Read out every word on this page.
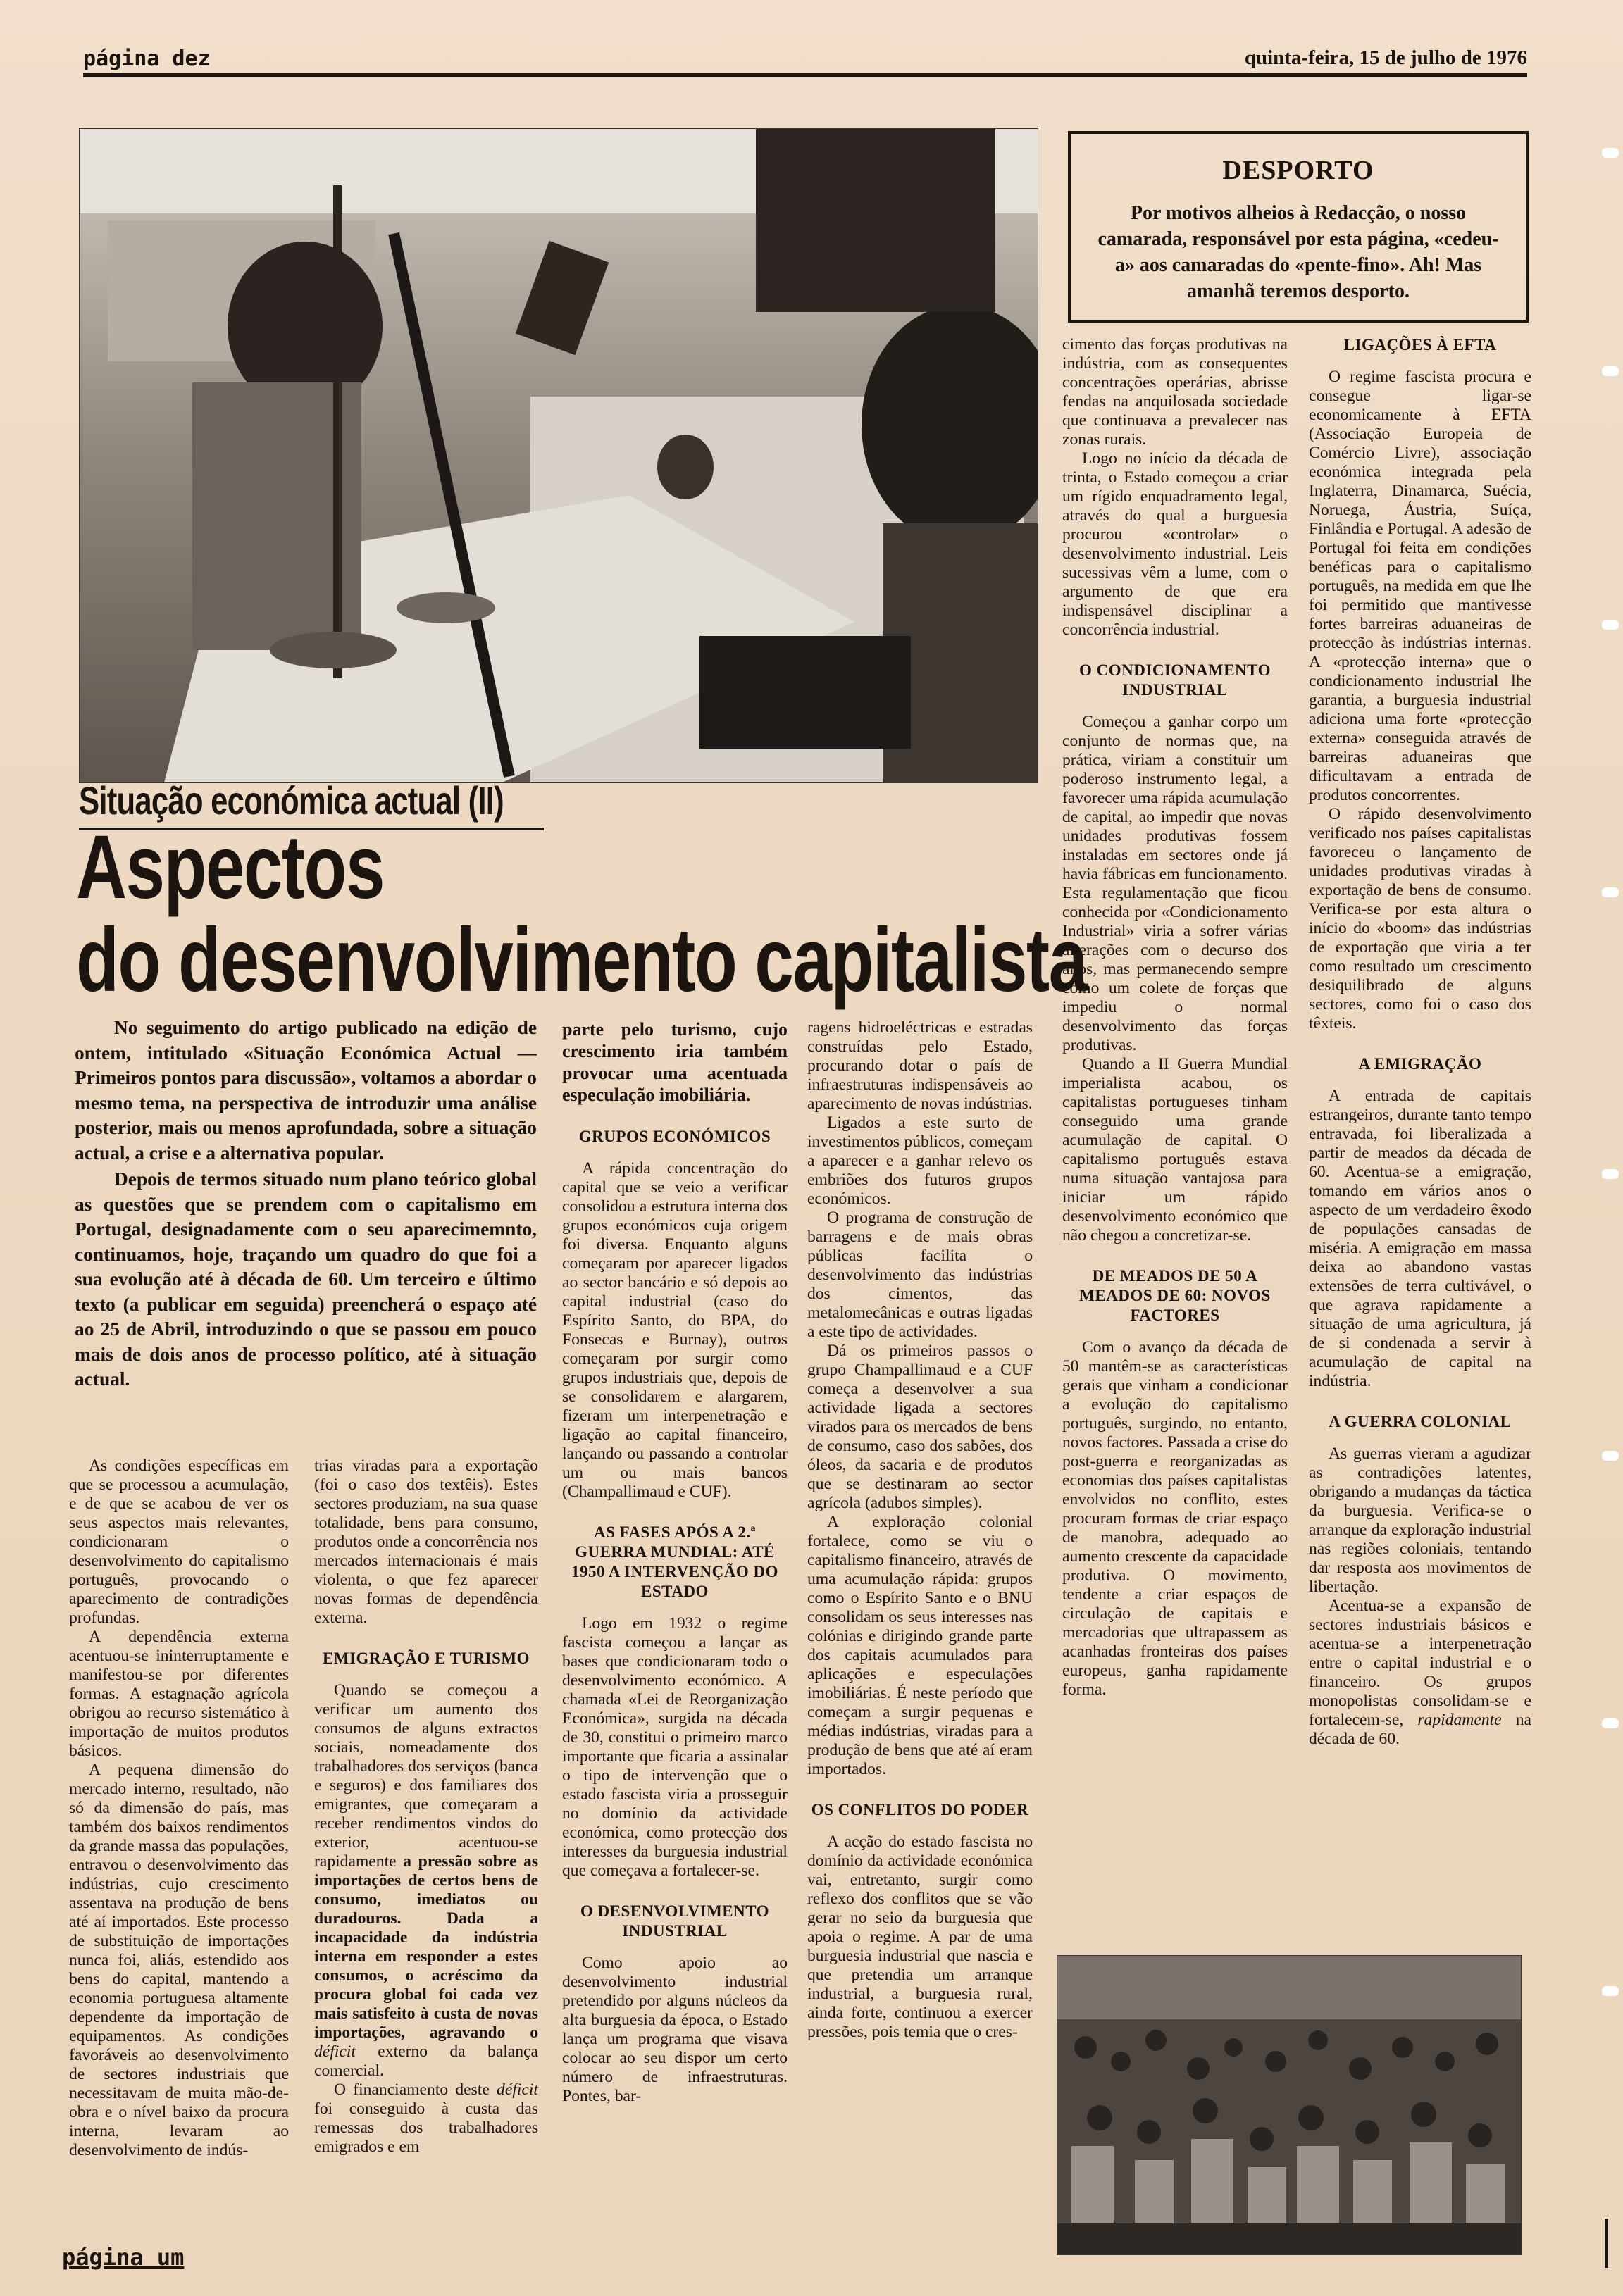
página dez	quinta-feira, 15 de julho de 1976
DESPORTO

Por motivos alheios à Redacção, o nosso camarada, responsável por esta página, «cedeu-a» aos camaradas do «pente-fino». Ah! Mas amanhã teremos desporto.

Situação económica actual (II)
Aspectos
do desenvolvimento capitalista

No seguimento do artigo publicado na edição de ontem, intitulado «Situação Económica Actual — Primeiros pontos para discussão», voltamos a abordar o mesmo tema, na perspectiva de introduzir uma análise posterior, mais ou menos aprofundada, sobre a situação actual, a crise e a alternativa popular.

Depois de termos situado num plano teórico global as questões que se prendem com o capitalismo em Portugal, designadamente com o seu aparecimemnto, continuamos, hoje, traçando um quadro do que foi a sua evolução até à década de 60. Um terceiro e último texto (a publicar em seguida) preencherá o espaço até ao 25 de Abril, introduzindo o que se passou em pouco mais de dois anos de processo político, até à situação actual.

As condições específicas em que se processou a acumulação, e de que se acabou de ver os seus aspectos mais relevantes, condicionaram o desenvolvimento do capitalismo português, provocando o aparecimento de contradições profundas.

A dependência externa acentuou-se ininterruptamente e manifestou-se por diferentes formas. A estagnação agrícola obrigou ao recurso sistemático à importação de muitos produtos básicos.

A pequena dimensão do mercado interno, resultado, não só da dimensão do país, mas também dos baixos rendimentos da grande massa das populações, entravou o desenvolvimento das indústrias, cujo crescimento assentava na produção de bens até aí importados. Este processo de substituição de importações nunca foi, aliás, estendido aos bens do capital, mantendo a economia portuguesa altamente dependente da importação de equipamentos. As condições favoráveis ao desenvolvimento de sectores industriais que necessitavam de muita mão-de-obra e o nível baixo da procura interna, levaram ao desenvolvimento de indús-

trias viradas para a exportação (foi o caso dos textêis). Estes sectores produziam, na sua quase totalidade, bens para consumo, produtos onde a concorrência nos mercados internacionais é mais violenta, o que fez aparecer novas formas de dependência externa.

EMIGRAÇÃO E TURISMO

Quando se começou a verificar um aumento dos consumos de alguns extractos sociais, nomeadamente dos trabalhadores dos serviços (banca e seguros) e dos familiares dos emigrantes, que começaram a receber rendimentos vindos do exterior, acentuou-se rapidamente a pressão sobre as importações de certos bens de consumo, imediatos ou duradouros. Dada a incapacidade da indústria interna em responder a estes consumos, o acréscimo da procura global foi cada vez mais satisfeito à custa de novas importações, agravando o déficit externo da balança comercial.

O financiamento deste déficit foi conseguido à custa das remessas dos trabalhadores emigrados e em

parte pelo turismo, cujo crescimento iria também provocar uma acentuada especulação imobiliária.

GRUPOS ECONÓMICOS

A rápida concentração do capital que se veio a verificar consolidou a estrutura interna dos grupos económicos cuja origem foi diversa. Enquanto alguns começaram por aparecer ligados ao sector bancário e só depois ao capital industrial (caso do Espírito Santo, do BPA, do Fonsecas e Burnay), outros começaram por surgir como grupos industriais que, depois de se consolidarem e alargarem, fizeram um interpenetração e ligação ao capital financeiro, lançando ou passando a controlar um ou mais bancos (Champallimaud e CUF).

AS FASES APÓS A 2.ª GUERRA MUNDIAL: ATÉ 1950 A INTERVENÇÃO DO ESTADO

Logo em 1932 o regime fascista começou a lançar as bases que condicionaram todo o desenvolvimento económico. A chamada «Lei de Reorganização Económica», surgida na década de 30, constitui o primeiro marco importante que ficaria a assinalar o tipo de intervenção que o estado fascista viria a prosseguir no domínio da actividade económica, como protecção dos interesses da burguesia industrial que começava a fortalecer-se.

O DESENVOLVIMENTO INDUSTRIAL

Como apoio ao desenvolvimento industrial pretendido por alguns núcleos da alta burguesia da época, o Estado lança um programa que visava colocar ao seu dispor um certo número de infraestruturas. Pontes, bar-

ragens hidroeléctricas e estradas construídas pelo Estado, procurando dotar o país de infraestruturas indispensáveis ao aparecimento de novas indústrias.

Ligados a este surto de investimentos públicos, começam a aparecer e a ganhar relevo os embriões dos futuros grupos económicos.

O programa de construção de barragens e de mais obras públicas facilita o desenvolvimento das indústrias dos cimentos, das metalomecânicas e outras ligadas a este tipo de actividades.

Dá os primeiros passos o grupo Champallimaud e a CUF começa a desenvolver a sua actividade ligada a sectores virados para os mercados de bens de consumo, caso dos sabões, dos óleos, da sacaria e de produtos que se destinaram ao sector agrícola (adubos simples).

A exploração colonial fortalece, como se viu o capitalismo financeiro, através de uma acumulação rápida: grupos como o Espírito Santo e o BNU consolidam os seus interesses nas colónias e dirigindo grande parte dos capitais acumulados para aplicações e especulações imobiliárias. É neste período que começam a surgir pequenas e médias indústrias, viradas para a produção de bens que até aí eram importados.

OS CONFLITOS DO PODER

A acção do estado fascista no domínio da actividade económica vai, entretanto, surgir como reflexo dos conflitos que se vão gerar no seio da burguesia que apoia o regime. A par de uma burguesia industrial que nascia e que pretendia um arranque industrial, a burguesia rural, ainda forte, continuou a exercer pressões, pois temia que o cres-

cimento das forças produtivas na indústria, com as consequentes concentrações operárias, abrisse fendas na anquilosada sociedade que continuava a prevalecer nas zonas rurais.

Logo no início da década de trinta, o Estado começou a criar um rígido enquadramento legal, através do qual a burguesia procurou «controlar» o desenvolvimento industrial. Leis sucessivas vêm a lume, com o argumento de que era indispensável disciplinar a concorrência industrial.

O CONDICIONAMENTO INDUSTRIAL

Começou a ganhar corpo um conjunto de normas que, na prática, viriam a constituir um poderoso instrumento legal, a favorecer uma rápida acumulação de capital, ao impedir que novas unidades produtivas fossem instaladas em sectores onde já havia fábricas em funcionamento. Esta regulamentação que ficou conhecida por «Condicionamento Industrial» viria a sofrer várias alterações com o decurso dos anos, mas permanecendo sempre como um colete de forças que impediu o normal desenvolvimento das forças produtivas.

Quando a II Guerra Mundial imperialista acabou, os capitalistas portugueses tinham conseguido uma grande acumulação de capital. O capitalismo português estava numa situação vantajosa para iniciar um rápido desenvolvimento económico que não chegou a concretizar-se.

DE MEADOS DE 50 A MEADOS DE 60: NOVOS FACTORES

Com o avanço da década de 50 mantêm-se as características gerais que vinham a condicionar a evolução do capitalismo português, surgindo, no entanto, novos factores. Passada a crise do post-guerra e reorganizadas as economias dos países capitalistas envolvidos no conflito, estes procuram formas de criar espaço de manobra, adequado ao aumento crescente da capacidade produtiva. O movimento, tendente a criar espaços de circulação de capitais e mercadorias que ultrapassem as acanhadas fronteiras dos países europeus, ganha rapidamente forma.

LIGAÇÕES À EFTA

O regime fascista procura e consegue ligar-se economicamente à EFTA (Associação Europeia de Comércio Livre), associação económica integrada pela Inglaterra, Dinamarca, Suécia, Noruega, Áustria, Suíça, Finlândia e Portugal. A adesão de Portugal foi feita em condições benéficas para o capitalismo português, na medida em que lhe foi permitido que mantivesse fortes barreiras aduaneiras de protecção às indústrias internas. A «protecção interna» que o condicionamento industrial lhe garantia, a burguesia industrial adiciona uma forte «protecção externa» conseguida através de barreiras aduaneiras que dificultavam a entrada de produtos concorrentes.

O rápido desenvolvimento verificado nos países capitalistas favoreceu o lançamento de unidades produtivas viradas à exportação de bens de consumo. Verifica-se por esta altura o início do «boom» das indústrias de exportação que viria a ter como resultado um crescimento desiquilibrado de alguns sectores, como foi o caso dos têxteis.

A EMIGRAÇÃO

A entrada de capitais estrangeiros, durante tanto tempo entravada, foi liberalizada a partir de meados da década de 60. Acentua-se a emigração, tomando em vários anos o aspecto de um verdadeiro êxodo de populações cansadas de miséria. A emigração em massa deixa ao abandono vastas extensões de terra cultivável, o que agrava rapidamente a situação de uma agricultura, já de si condenada a servir à acumulação de capital na indústria.

A GUERRA COLONIAL

As guerras vieram a agudizar as contradições latentes, obrigando a mudanças da táctica da burguesia. Verifica-se o arranque da exploração industrial nas regiões coloniais, tentando dar resposta aos movimentos de libertação.

Acentua-se a expansão de sectores industriais básicos e acentua-se a interpenetração entre o capital industrial e o financeiro. Os grupos monopolistas consolidam-se e fortalecem-se, rapidamente na década de 60.

página um
